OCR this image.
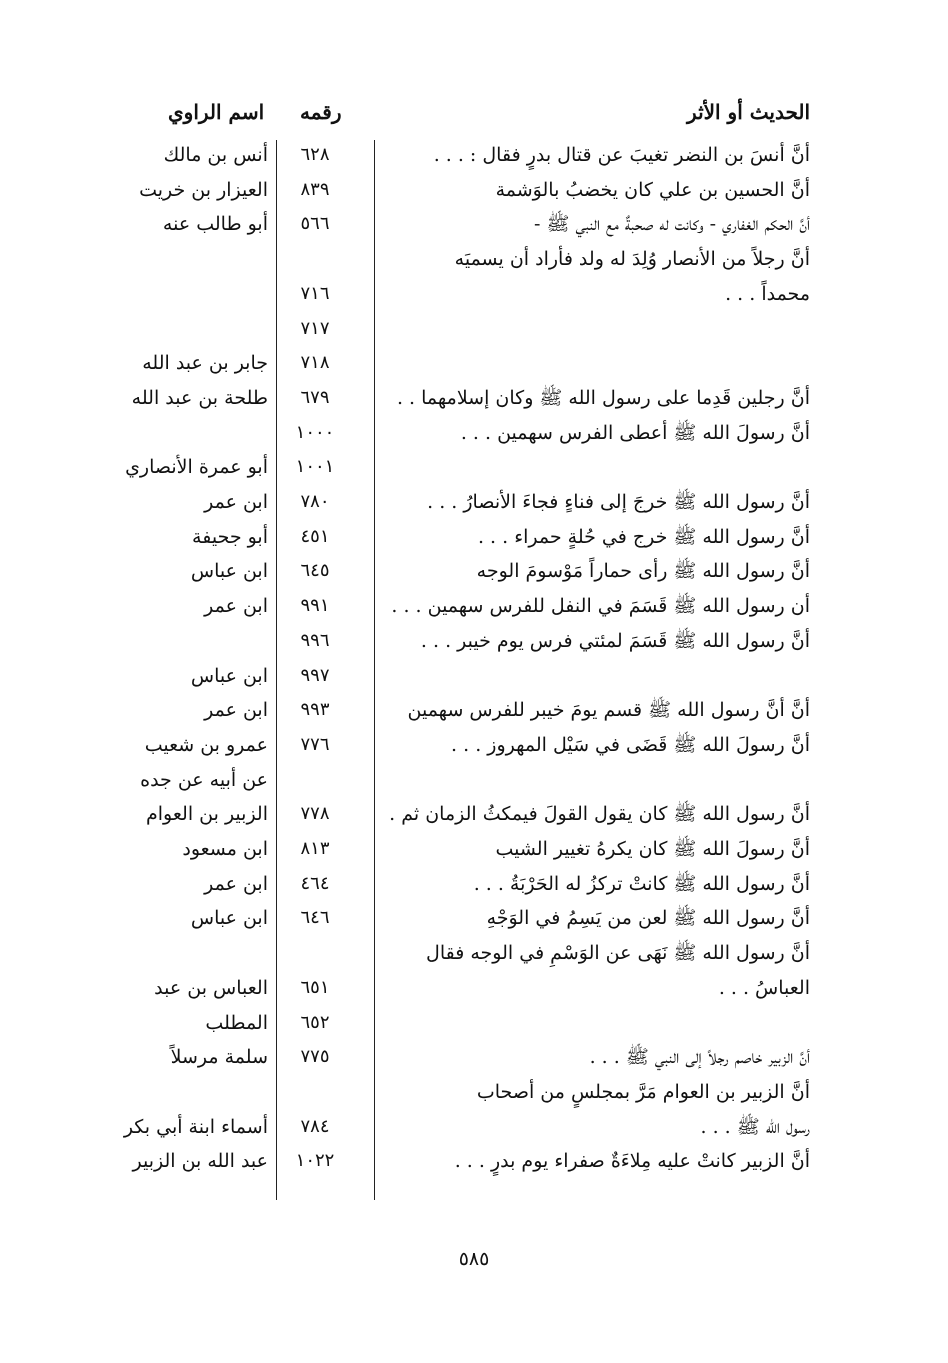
الحديث أو الأثر
رقمه
اسم الراوي
أنَّ أنسَ بن النضر تغيبَ عن قتال بدرٍ فقال : . . .
٦٢٨
أنس بن مالك
أنَّ الحسين بن علي كان يخضبُ بالوَشمة
٨٣٩
العيزار بن خريت
أنَّ الحكم الغفاري - وكانت له صحبةٌ مع النبي ﷺ -
٥٦٦
أبو طالب عنه
أنَّ رجلاً من الأنصار وُلِدَ له ولد فأراد أن يسميَه
محمداً . . .
٧١٦
٧١٧
٧١٨
جابر بن عبد الله
أنَّ رجلين قَدِما على رسول الله ﷺ وكان إسلامهما . .
٦٧٩
طلحة بن عبد الله
أنَّ رسولَ الله ﷺ أعطى الفرس سهمين . . .
١٠٠٠
١٠٠١
أبو عمرة الأنصاري
أنَّ رسول الله ﷺ خرجَ إلى فناءٍ فجاءَ الأنصارُ . . .
٧٨٠
ابن عمر
أنَّ رسول الله ﷺ خرج في حُلةٍ حمراء . . .
٤٥١
أبو جحيفة
أنَّ رسول الله ﷺ رأى حماراً مَوْسومَ الوجه
٦٤٥
ابن عباس
أن رسول الله ﷺ قَسَمَ في النفل للفرس سهمين . . .
٩٩١
ابن عمر
أنَّ رسول الله ﷺ قَسَمَ لمئتي فرس يوم خيبر . . .
٩٩٦
٩٩٧
ابن عباس
أنَّ أنَّ رسول الله ﷺ قسم يومَ خيبر للفرس سهمين
٩٩٣
ابن عمر
أنَّ رسولَ الله ﷺ قَضَى في سَيْل المهروز . . .
٧٧٦
عمرو بن شعيب
عن أبيه عن جده
أنَّ رسول الله ﷺ كان يقول القولَ فيمكثُ الزمان ثم .
٧٧٨
الزبير بن العوام
أنَّ رسولَ الله ﷺ كان يكرهُ تغيير الشيب
٨١٣
ابن مسعود
أنَّ رسول الله ﷺ كانتْ تركزُ له الحَرْبَةُ . . .
٤٦٤
ابن عمر
أنَّ رسول الله ﷺ لعن من يَسِمُ في الوَجْهِ
٦٤٦
ابن عباس
أنَّ رسول الله ﷺ نَهَى عن الوَسْمِ في الوجه فقال
العباسُ . . .
٦٥١
العباس بن عبد
٦٥٢
المطلب
أنَّ الزبير خاصم رجلاً إلى النبي ﷺ . . .
٧٧٥
سلمة مرسلاً
أنَّ الزبير بن العوام مَرَّ بمجلسٍ من أصحاب
رسول الله ﷺ . . .
٧٨٤
أسماء ابنة أبي بكر
أنَّ الزبير كانتْ عليه مِلاءَةٌ صفراء يوم بدرٍ . . .
١٠٢٢
عبد الله بن الزبير
٥٨٥
